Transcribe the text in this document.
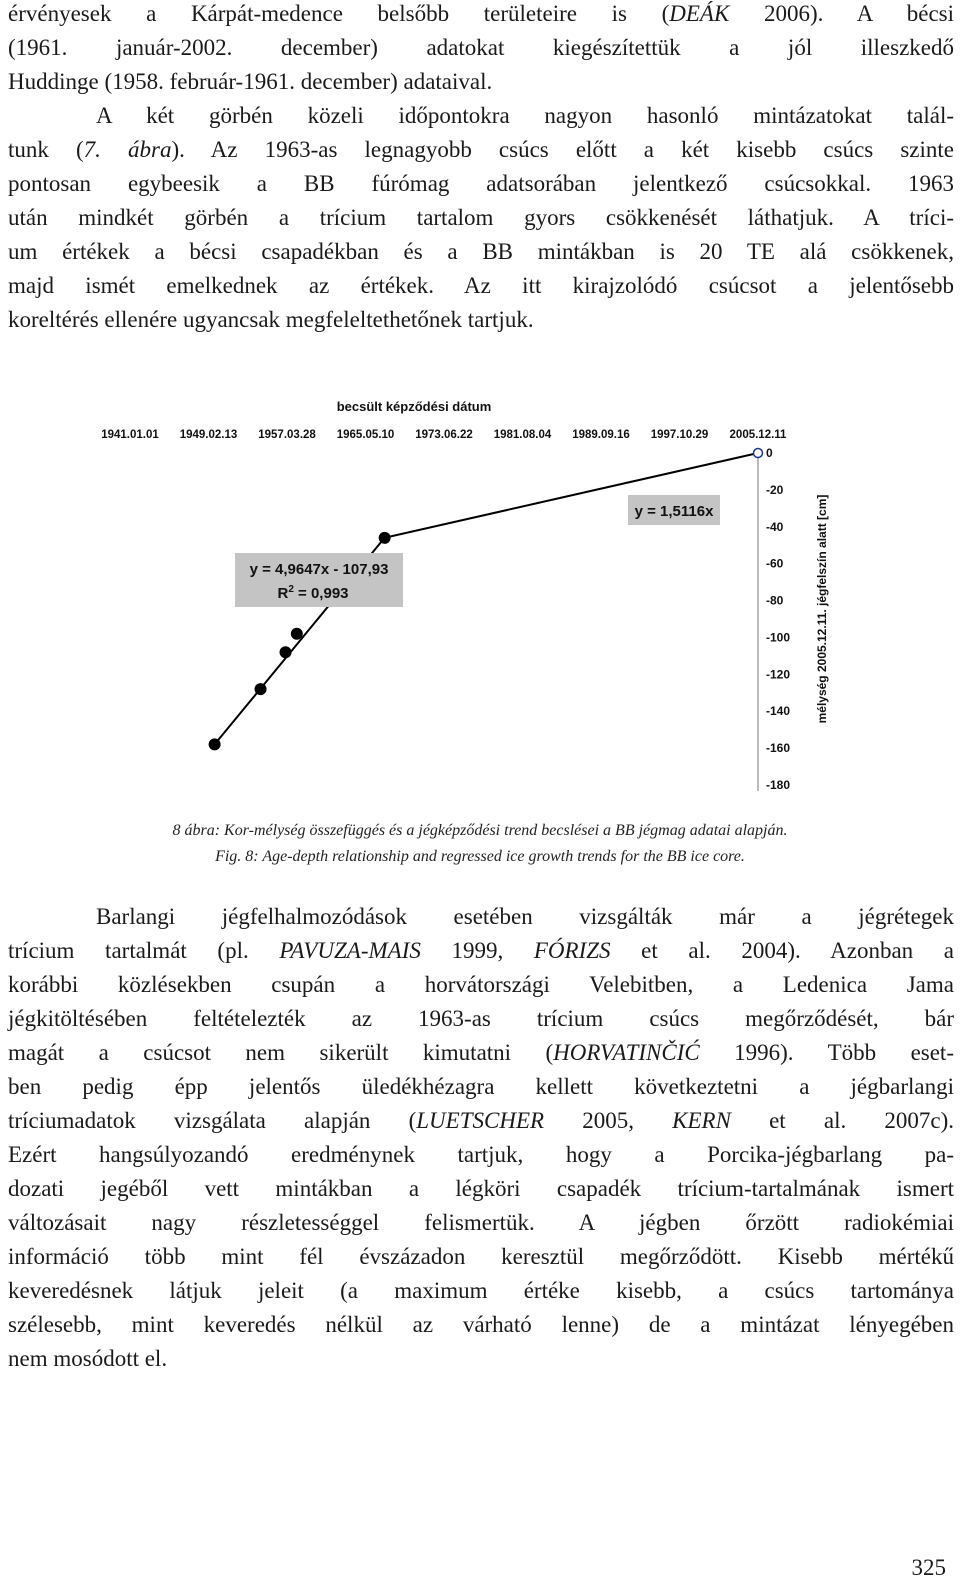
érvényesek a Kárpát-medence belsőbb területeire is (DEÁK 2006). A bécsi
(1961. január-2002. december) adatokat kiegészítettük a jól illeszkedő
Huddinge (1958. február-1961. december) adataival.
A két görbén közeli időpontokra nagyon hasonló mintázatokat talál-
tunk (7. ábra). Az 1963-as legnagyobb csúcs előtt a két kisebb csúcs szinte
pontosan egybeesik a BB fúrómag adatsorában jelentkező csúcsokkal. 1963
után mindkét görbén a trícium tartalom gyors csökkenését láthatjuk. A tríci-
um értékek a bécsi csapadékban és a BB mintákban is 20 TE alá csökkenek,
majd ismét emelkednek az értékek. Az itt kirajzolódó csúcsot a jelentősebb
koreltérés ellenére ugyancsak megfeleltethetőnek tartjuk.
becsült képződési dátum
1941.01.01 1949.02.13 1957.03.28 1965.05.10 1973.06.22 1981.08.04 1989.09.16 1997.10.29 2005.12.11
0
-20
-40
-60
-80
-100
-120
-140
-160
-180
mélység 2005.12.11. jégfelszín alatt [cm]
y = 1,5116x
y = 4,9647x - 107,93
$R^2 = 0,993$
8 ábra: Kor-mélység összefüggés és a jégképződési trend becslései a BB jégmag adatai alapján.
Fig. 8: Age-depth relationship and regressed ice growth trends for the BB ice core.
Barlangi jégfelhalmozódások esetében vizsgálták már a jégrétegek
trícium tartalmát (pl. PAVUZA-MAIS 1999, FÓRIZS et al. 2004). Azonban a
korábbi közlésekben csupán a horvátországi Velebitben, a Ledenica Jama
jégkitöltésében feltételezték az 1963-as trícium csúcs megőrződését, bár
magát a csúcsot nem sikerült kimutatni (HORVATINČIĆ 1996). Több eset-
ben pedig épp jelentős üledékhézagra kellett következtetni a jégbarlangi
tríciumadatok vizsgálata alapján (LUETSCHER 2005, KERN et al. 2007c).
Ezért hangsúlyozandó eredménynek tartjuk, hogy a Porcika-jégbarlang pa-
dozati jegéből vett mintákban a légköri csapadék trícium-tartalmának ismert
változásait nagy részletességgel felismertük. A jégben őrzött radiokémiai
információ több mint fél évszázadon keresztül megőrződött. Kisebb mértékű
keveredésnek látjuk jeleit (a maximum értéke kisebb, a csúcs tartománya
szélesebb, mint keveredés nélkül az várható lenne) de a mintázat lényegében
nem mosódott el.
325
